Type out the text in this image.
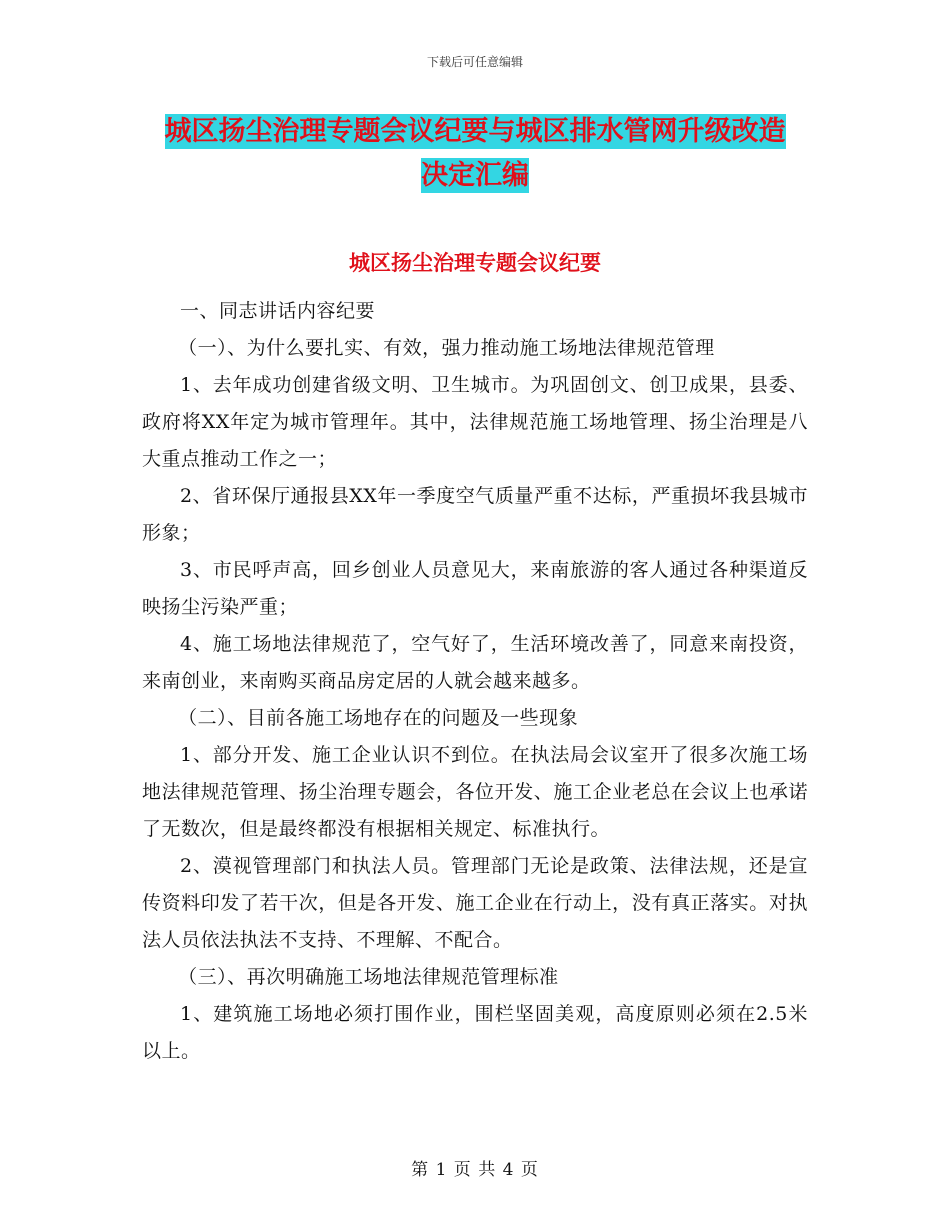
下载后可任意编辑
城区扬尘治理专题会议纪要与城区排水管网升级改造
决定汇编
城区扬尘治理专题会议纪要

一、同志讲话内容纪要

（一）、为什么要扎实、有效，强力推动施工场地法律规范管理

1、去年成功创建省级文明、卫生城市。为巩固创文、创卫成果，县委、政府将XX年定为城市管理年。其中，法律规范施工场地管理、扬尘治理是八大重点推动工作之一；

2、省环保厅通报县XX年一季度空气质量严重不达标，严重损坏我县城市形象；

3、市民呼声高，回乡创业人员意见大，来南旅游的客人通过各种渠道反映扬尘污染严重；

4、施工场地法律规范了，空气好了，生活环境改善了，同意来南投资，来南创业，来南购买商品房定居的人就会越来越多。

（二）、目前各施工场地存在的问题及一些现象

1、部分开发、施工企业认识不到位。在执法局会议室开了很多次施工场地法律规范管理、扬尘治理专题会，各位开发、施工企业老总在会议上也承诺了无数次，但是最终都没有根据相关规定、标准执行。

2、漠视管理部门和执法人员。管理部门无论是政策、法律法规，还是宣传资料印发了若干次，但是各开发、施工企业在行动上，没有真正落实。对执法人员依法执法不支持、不理解、不配合。

（三）、再次明确施工场地法律规范管理标准

1、建筑施工场地必须打围作业，围栏坚固美观，高度原则必须在2.5米以上。

第 1 页 共 4 页
